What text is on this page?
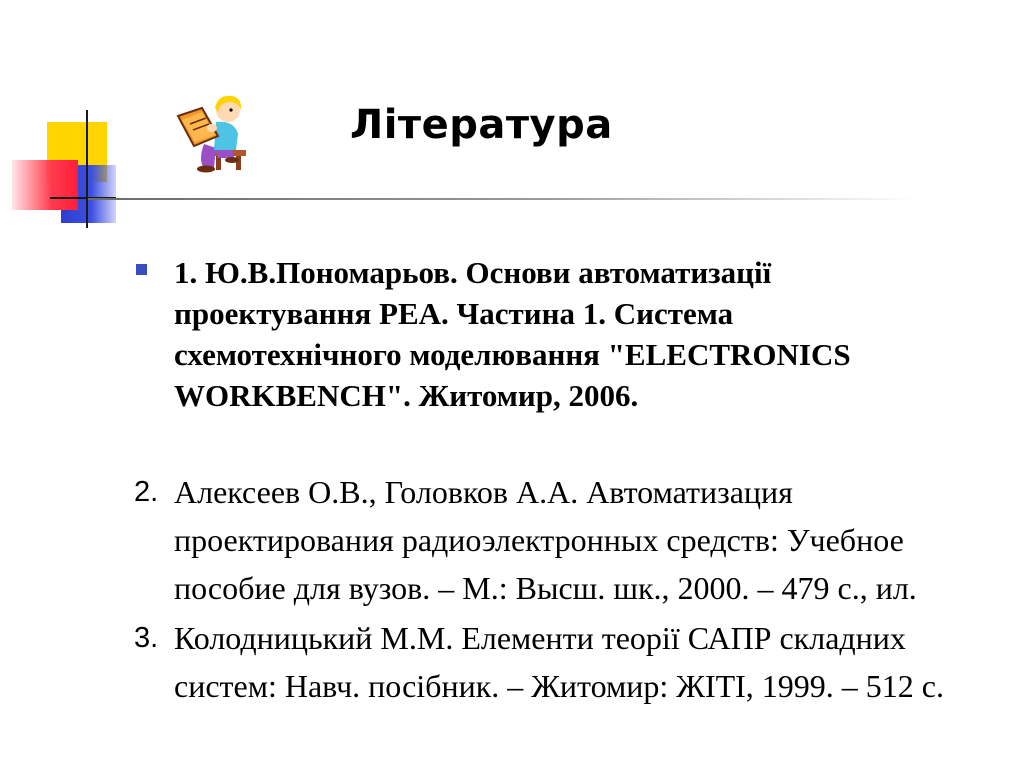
Література

1. Ю.В.Пономарьов. Основи автоматизації проектування РЕА. Частина 1. Система схемотехнічного моделювання "ELECTRONICS WORKBENCH". Житомир, 2006.

2. Алексеев О.В., Головков А.А. Автоматизация проектирования радиоэлектронных средств: Учебное пособие для вузов. – М.: Высш. шк., 2000. – 479 с., ил.
3. Колодницький М.М. Елементи теорії САПР складних систем: Навч. посібник. – Житомир: ЖІТІ, 1999. – 512 с.
